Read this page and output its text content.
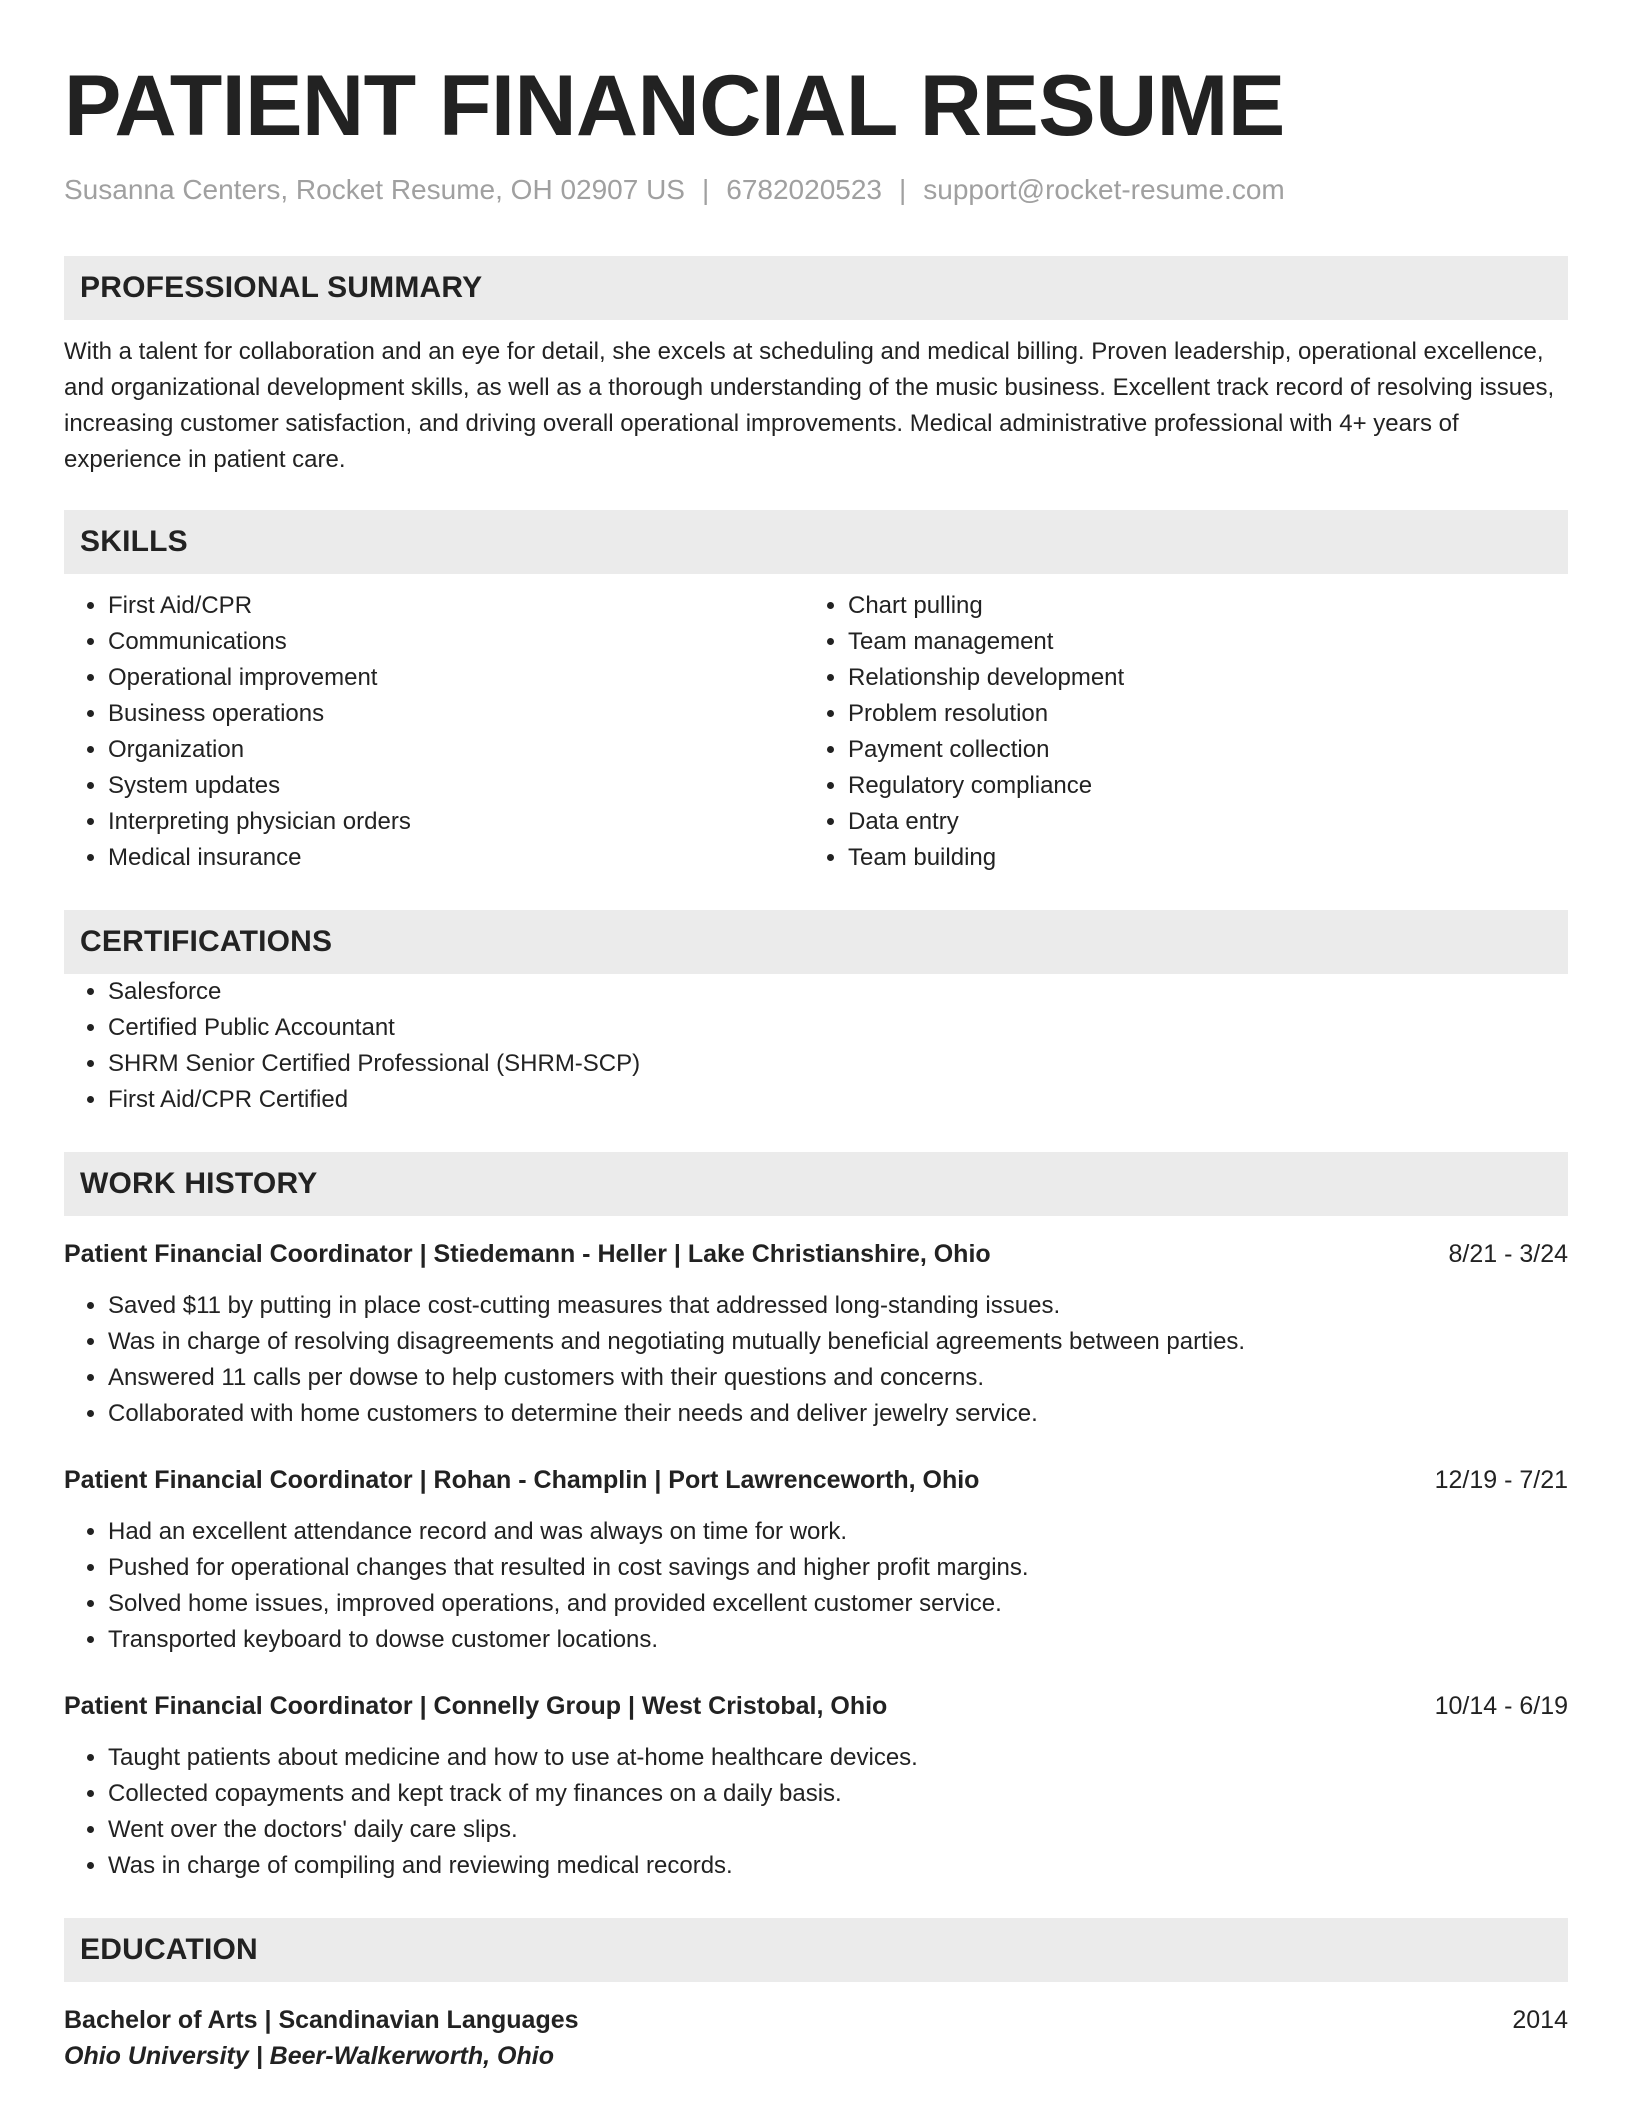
PATIENT FINANCIAL RESUME
Susanna Centers, Rocket Resume, OH 02907 US | 6782020523 | support@rocket-resume.com
PROFESSIONAL SUMMARY

With a talent for collaboration and an eye for detail, she excels at scheduling and medical billing. Proven leadership, operational excellence, and organizational development skills, as well as a thorough understanding of the music business. Excellent track record of resolving issues, increasing customer satisfaction, and driving overall operational improvements. Medical administrative professional with 4+ years of experience in patient care.

SKILLS
• First Aid/CPR
• Communications
• Operational improvement
• Business operations
• Organization
• System updates
• Interpreting physician orders
• Medical insurance
• Chart pulling
• Team management
• Relationship development
• Problem resolution
• Payment collection
• Regulatory compliance
• Data entry
• Team building
CERTIFICATIONS
• Salesforce
• Certified Public Accountant
• SHRM Senior Certified Professional (SHRM-SCP)
• First Aid/CPR Certified
WORK HISTORY
Patient Financial Coordinator | Stiedemann - Heller | Lake Christianshire, Ohio	8/21 - 3/24
• Saved $11 by putting in place cost-cutting measures that addressed long-standing issues.
• Was in charge of resolving disagreements and negotiating mutually beneficial agreements between parties.
• Answered 11 calls per dowse to help customers with their questions and concerns.
• Collaborated with home customers to determine their needs and deliver jewelry service.
Patient Financial Coordinator | Rohan - Champlin | Port Lawrenceworth, Ohio	12/19 - 7/21
• Had an excellent attendance record and was always on time for work.
• Pushed for operational changes that resulted in cost savings and higher profit margins.
• Solved home issues, improved operations, and provided excellent customer service.
• Transported keyboard to dowse customer locations.
Patient Financial Coordinator | Connelly Group | West Cristobal, Ohio	10/14 - 6/19
• Taught patients about medicine and how to use at-home healthcare devices.
• Collected copayments and kept track of my finances on a daily basis.
• Went over the doctors' daily care slips.
• Was in charge of compiling and reviewing medical records.
EDUCATION
Bachelor of Arts | Scandinavian Languages	2014
Ohio University | Beer-Walkerworth, Ohio
